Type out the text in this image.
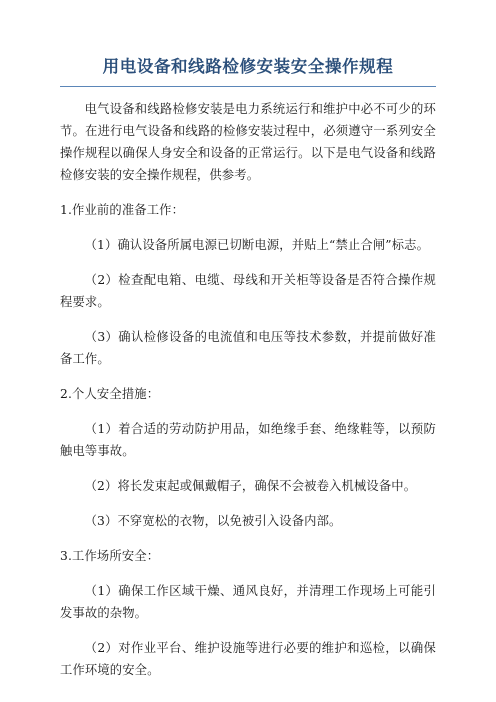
用电设备和线路检修安装安全操作规程

电气设备和线路检修安装是电力系统运行和维护中必不可少的环节。在进行电气设备和线路的检修安装过程中，必须遵守一系列安全操作规程以确保人身安全和设备的正常运行。以下是电气设备和线路检修安装的安全操作规程，供参考。

1.作业前的准备工作：

（1）确认设备所属电源已切断电源，并贴上“禁止合闸”标志。

（2）检查配电箱、电缆、母线和开关柜等设备是否符合操作规程要求。

（3）确认检修设备的电流值和电压等技术参数，并提前做好准备工作。

2.个人安全措施：

（1）着合适的劳动防护用品，如绝缘手套、绝缘鞋等，以预防触电等事故。

（2）将长发束起或佩戴帽子，确保不会被卷入机械设备中。

（3）不穿宽松的衣物，以免被引入设备内部。

3.工作场所安全：

（1）确保工作区域干燥、通风良好，并清理工作现场上可能引发事故的杂物。

（2）对作业平台、维护设施等进行必要的维护和巡检，以确保工作环境的安全。
